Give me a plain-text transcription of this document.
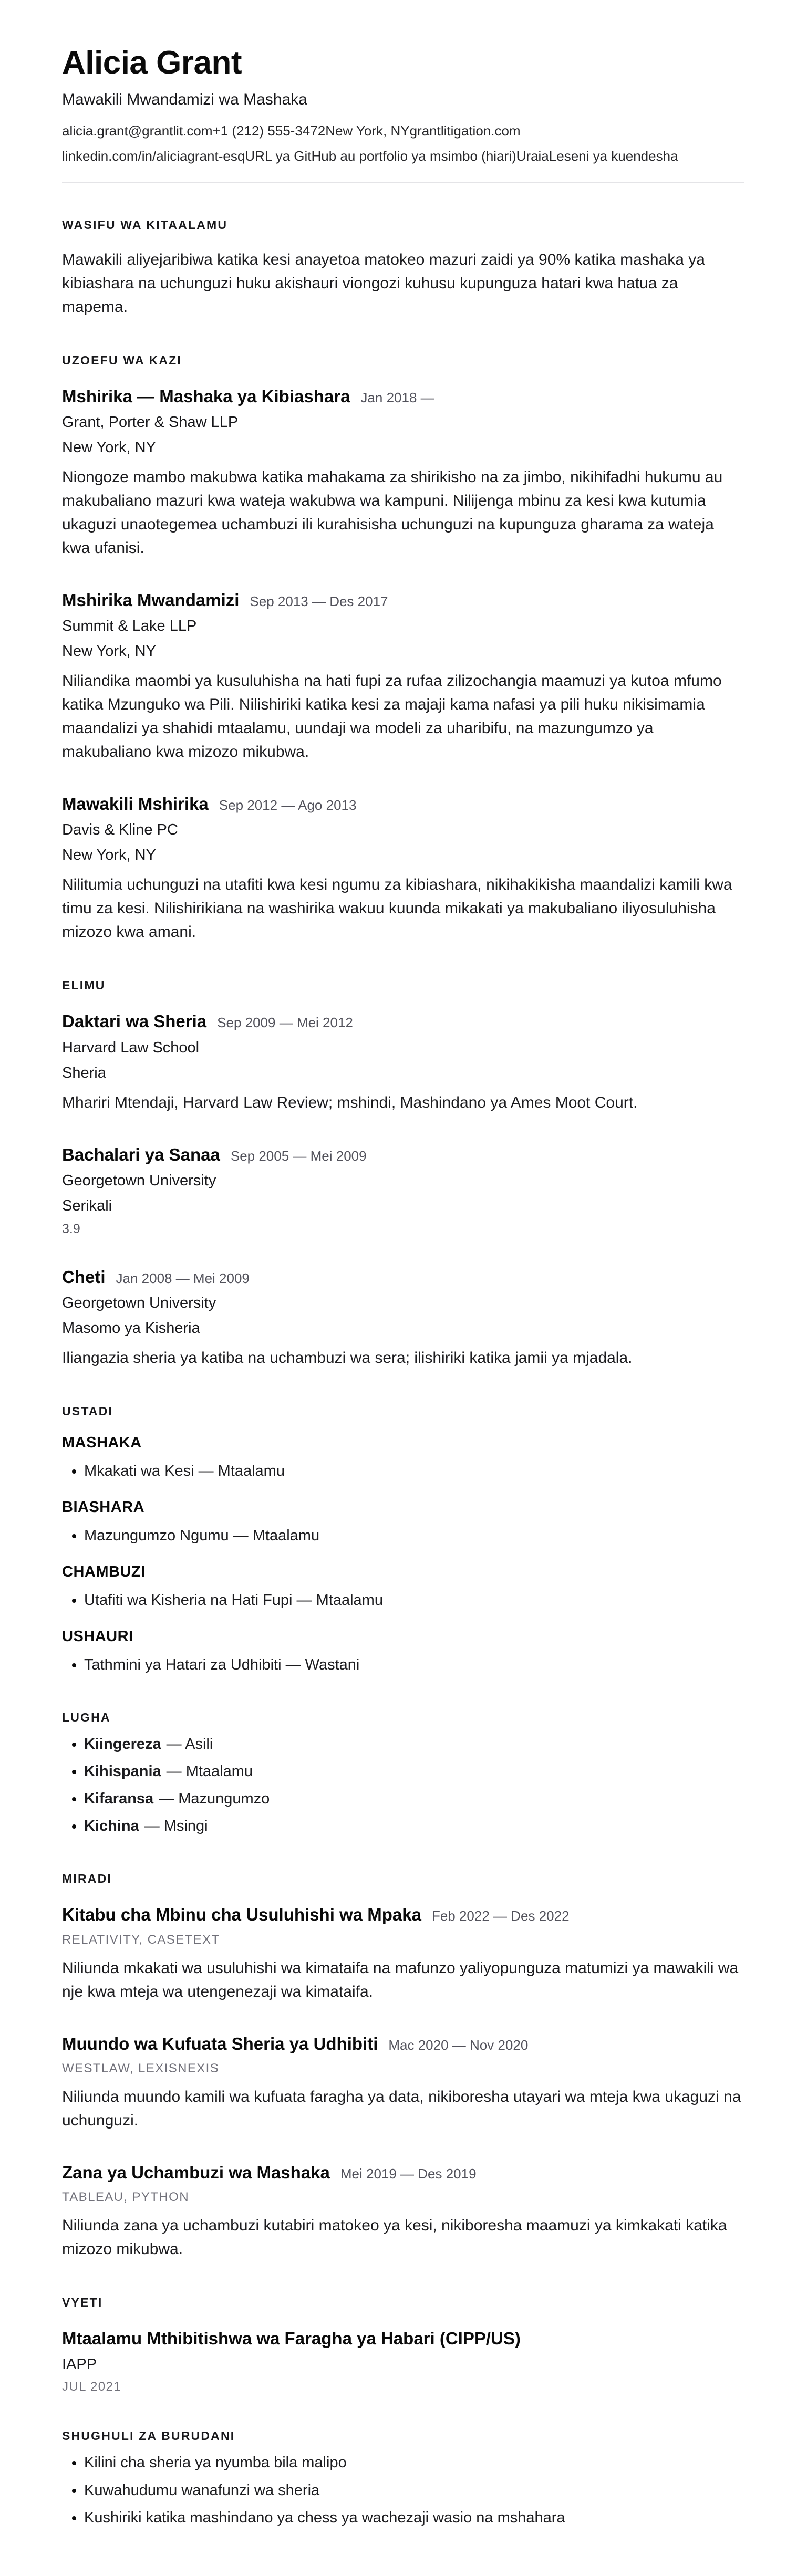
Alicia Grant
Mawakili Mwandamizi wa Mashaka
alicia.grant@grantlit.com+1 (212) 555-3472New York, NYgrantlitigation.com
linkedin.com/in/aliciagrant-esqURL ya GitHub au portfolio ya msimbo (hiari)UraiaLeseni ya kuendesha
WASIFU WA KITAALAMU

Mawakili aliyejaribiwa katika kesi anayetoa matokeo mazuri zaidi ya 90% katika mashaka ya kibiashara na uchunguzi huku akishauri viongozi kuhusu kupunguza hatari kwa hatua za mapema.

UZOEFU WA KAZI
Mshirika — Mashaka ya Kibiashara Jan 2018 —
Grant, Porter & Shaw LLP
New York, NY

Niongoze mambo makubwa katika mahakama za shirikisho na za jimbo, nikihifadhi hukumu au makubaliano mazuri kwa wateja wakubwa wa kampuni. Nilijenga mbinu za kesi kwa kutumia ukaguzi unaotegemea uchambuzi ili kurahisisha uchunguzi na kupunguza gharama za wateja kwa ufanisi.

Mshirika Mwandamizi Sep 2013 — Des 2017
Summit & Lake LLP
New York, NY

Niliandika maombi ya kusuluhisha na hati fupi za rufaa zilizochangia maamuzi ya kutoa mfumo katika Mzunguko wa Pili. Nilishiriki katika kesi za majaji kama nafasi ya pili huku nikisimamia maandalizi ya shahidi mtaalamu, uundaji wa modeli za uharibifu, na mazungumzo ya makubaliano kwa mizozo mikubwa.

Mawakili Mshirika Sep 2012 — Ago 2013
Davis & Kline PC
New York, NY

Nilitumia uchunguzi na utafiti kwa kesi ngumu za kibiashara, nikihakikisha maandalizi kamili kwa timu za kesi. Nilishirikiana na washirika wakuu kuunda mikakati ya makubaliano iliyosuluhisha mizozo kwa amani.

ELIMU
Daktari wa Sheria Sep 2009 — Mei 2012
Harvard Law School
Sheria

Mhariri Mtendaji, Harvard Law Review; mshindi, Mashindano ya Ames Moot Court.

Bachalari ya Sanaa Sep 2005 — Mei 2009
Georgetown University
Serikali
3.9
Cheti Jan 2008 — Mei 2009
Georgetown University
Masomo ya Kisheria

Iliangazia sheria ya katiba na uchambuzi wa sera; ilishiriki katika jamii ya mjadala.

USTADI
MASHAKA
• Mkakati wa Kesi — Mtaalamu
BIASHARA
• Mazungumzo Ngumu — Mtaalamu
CHAMBUZI
• Utafiti wa Kisheria na Hati Fupi — Mtaalamu
USHAURI
• Tathmini ya Hatari za Udhibiti — Wastani
LUGHA
• Kiingereza — Asili
• Kihispania — Mtaalamu
• Kifaransa — Mazungumzo
• Kichina — Msingi
MIRADI
Kitabu cha Mbinu cha Usuluhishi wa Mpaka Feb 2022 — Des 2022
RELATIVITY, CASETEXT

Niliunda mkakati wa usuluhishi wa kimataifa na mafunzo yaliyopunguza matumizi ya mawakili wa nje kwa mteja wa utengenezaji wa kimataifa.

Muundo wa Kufuata Sheria ya Udhibiti Mac 2020 — Nov 2020
WESTLAW, LEXISNEXIS

Niliunda muundo kamili wa kufuata faragha ya data, nikiboresha utayari wa mteja kwa ukaguzi na uchunguzi.

Zana ya Uchambuzi wa Mashaka Mei 2019 — Des 2019
TABLEAU, PYTHON

Niliunda zana ya uchambuzi kutabiri matokeo ya kesi, nikiboresha maamuzi ya kimkakati katika mizozo mikubwa.

VYETI
Mtaalamu Mthibitishwa wa Faragha ya Habari (CIPP/US)
IAPP
JUL 2021
SHUGHULI ZA BURUDANI
• Kilini cha sheria ya nyumba bila malipo
• Kuwahudumu wanafunzi wa sheria
• Kushiriki katika mashindano ya chess ya wachezaji wasio na mshahara
